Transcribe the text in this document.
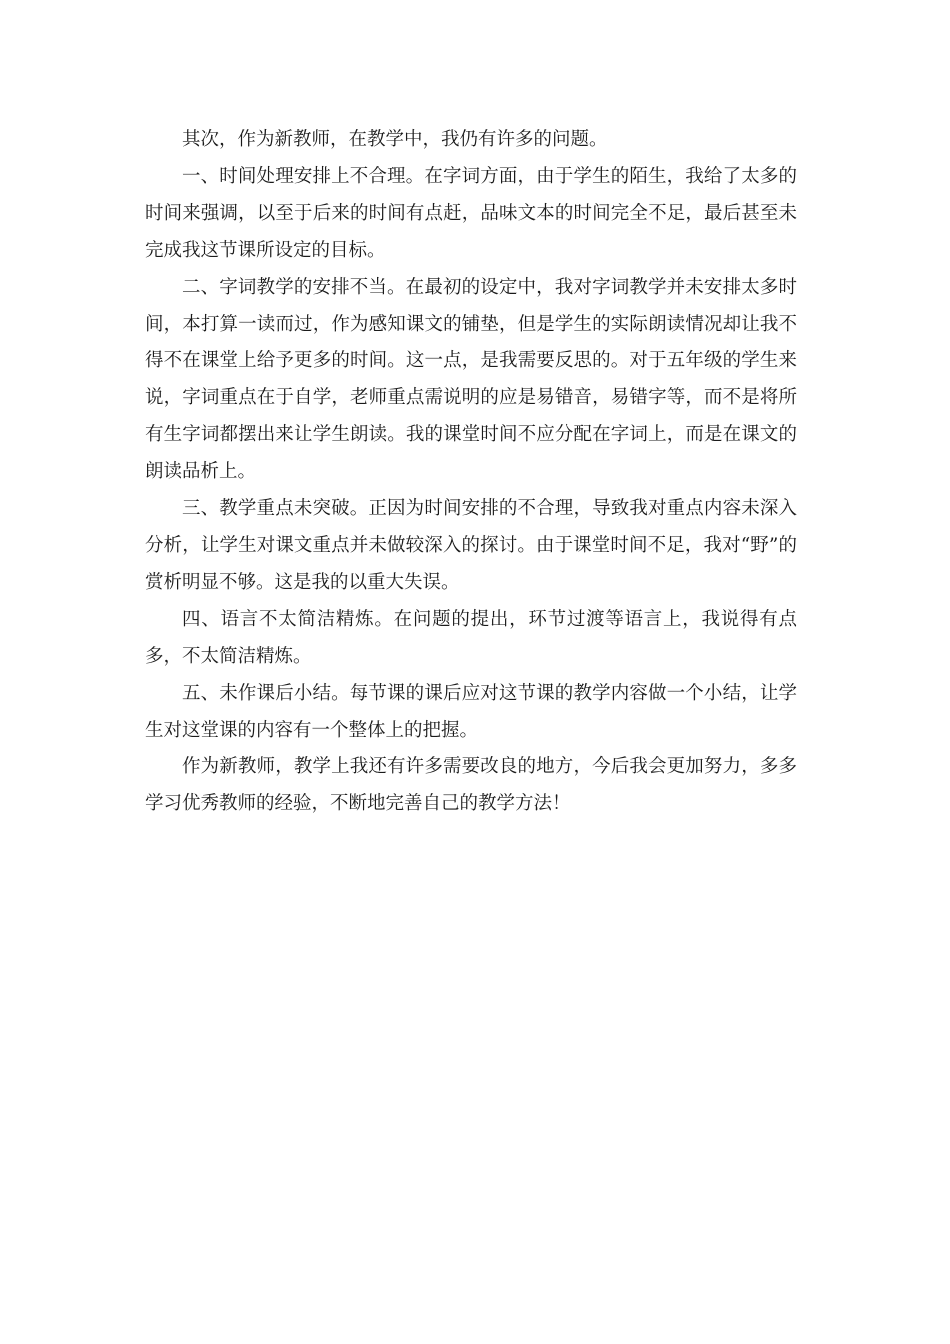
其次，作为新教师，在教学中，我仍有许多的问题。

一、时间处理安排上不合理。在字词方面，由于学生的陌生，我给了太多的时间来强调，以至于后来的时间有点赶，品味文本的时间完全不足，最后甚至未完成我这节课所设定的目标。

二、字词教学的安排不当。在最初的设定中，我对字词教学并未安排太多时间，本打算一读而过，作为感知课文的铺垫，但是学生的实际朗读情况却让我不得不在课堂上给予更多的时间。这一点，是我需要反思的。对于五年级的学生来说，字词重点在于自学，老师重点需说明的应是易错音，易错字等，而不是将所有生字词都摆出来让学生朗读。我的课堂时间不应分配在字词上，而是在课文的朗读品析上。

三、教学重点未突破。正因为时间安排的不合理，导致我对重点内容未深入分析，让学生对课文重点并未做较深入的探讨。由于课堂时间不足，我对“野”的赏析明显不够。这是我的以重大失误。

四、语言不太简洁精炼。在问题的提出，环节过渡等语言上，我说得有点多，不太简洁精炼。

五、未作课后小结。每节课的课后应对这节课的教学内容做一个小结，让学生对这堂课的内容有一个整体上的把握。

作为新教师，教学上我还有许多需要改良的地方，今后我会更加努力，多多学习优秀教师的经验，不断地完善自己的教学方法！
